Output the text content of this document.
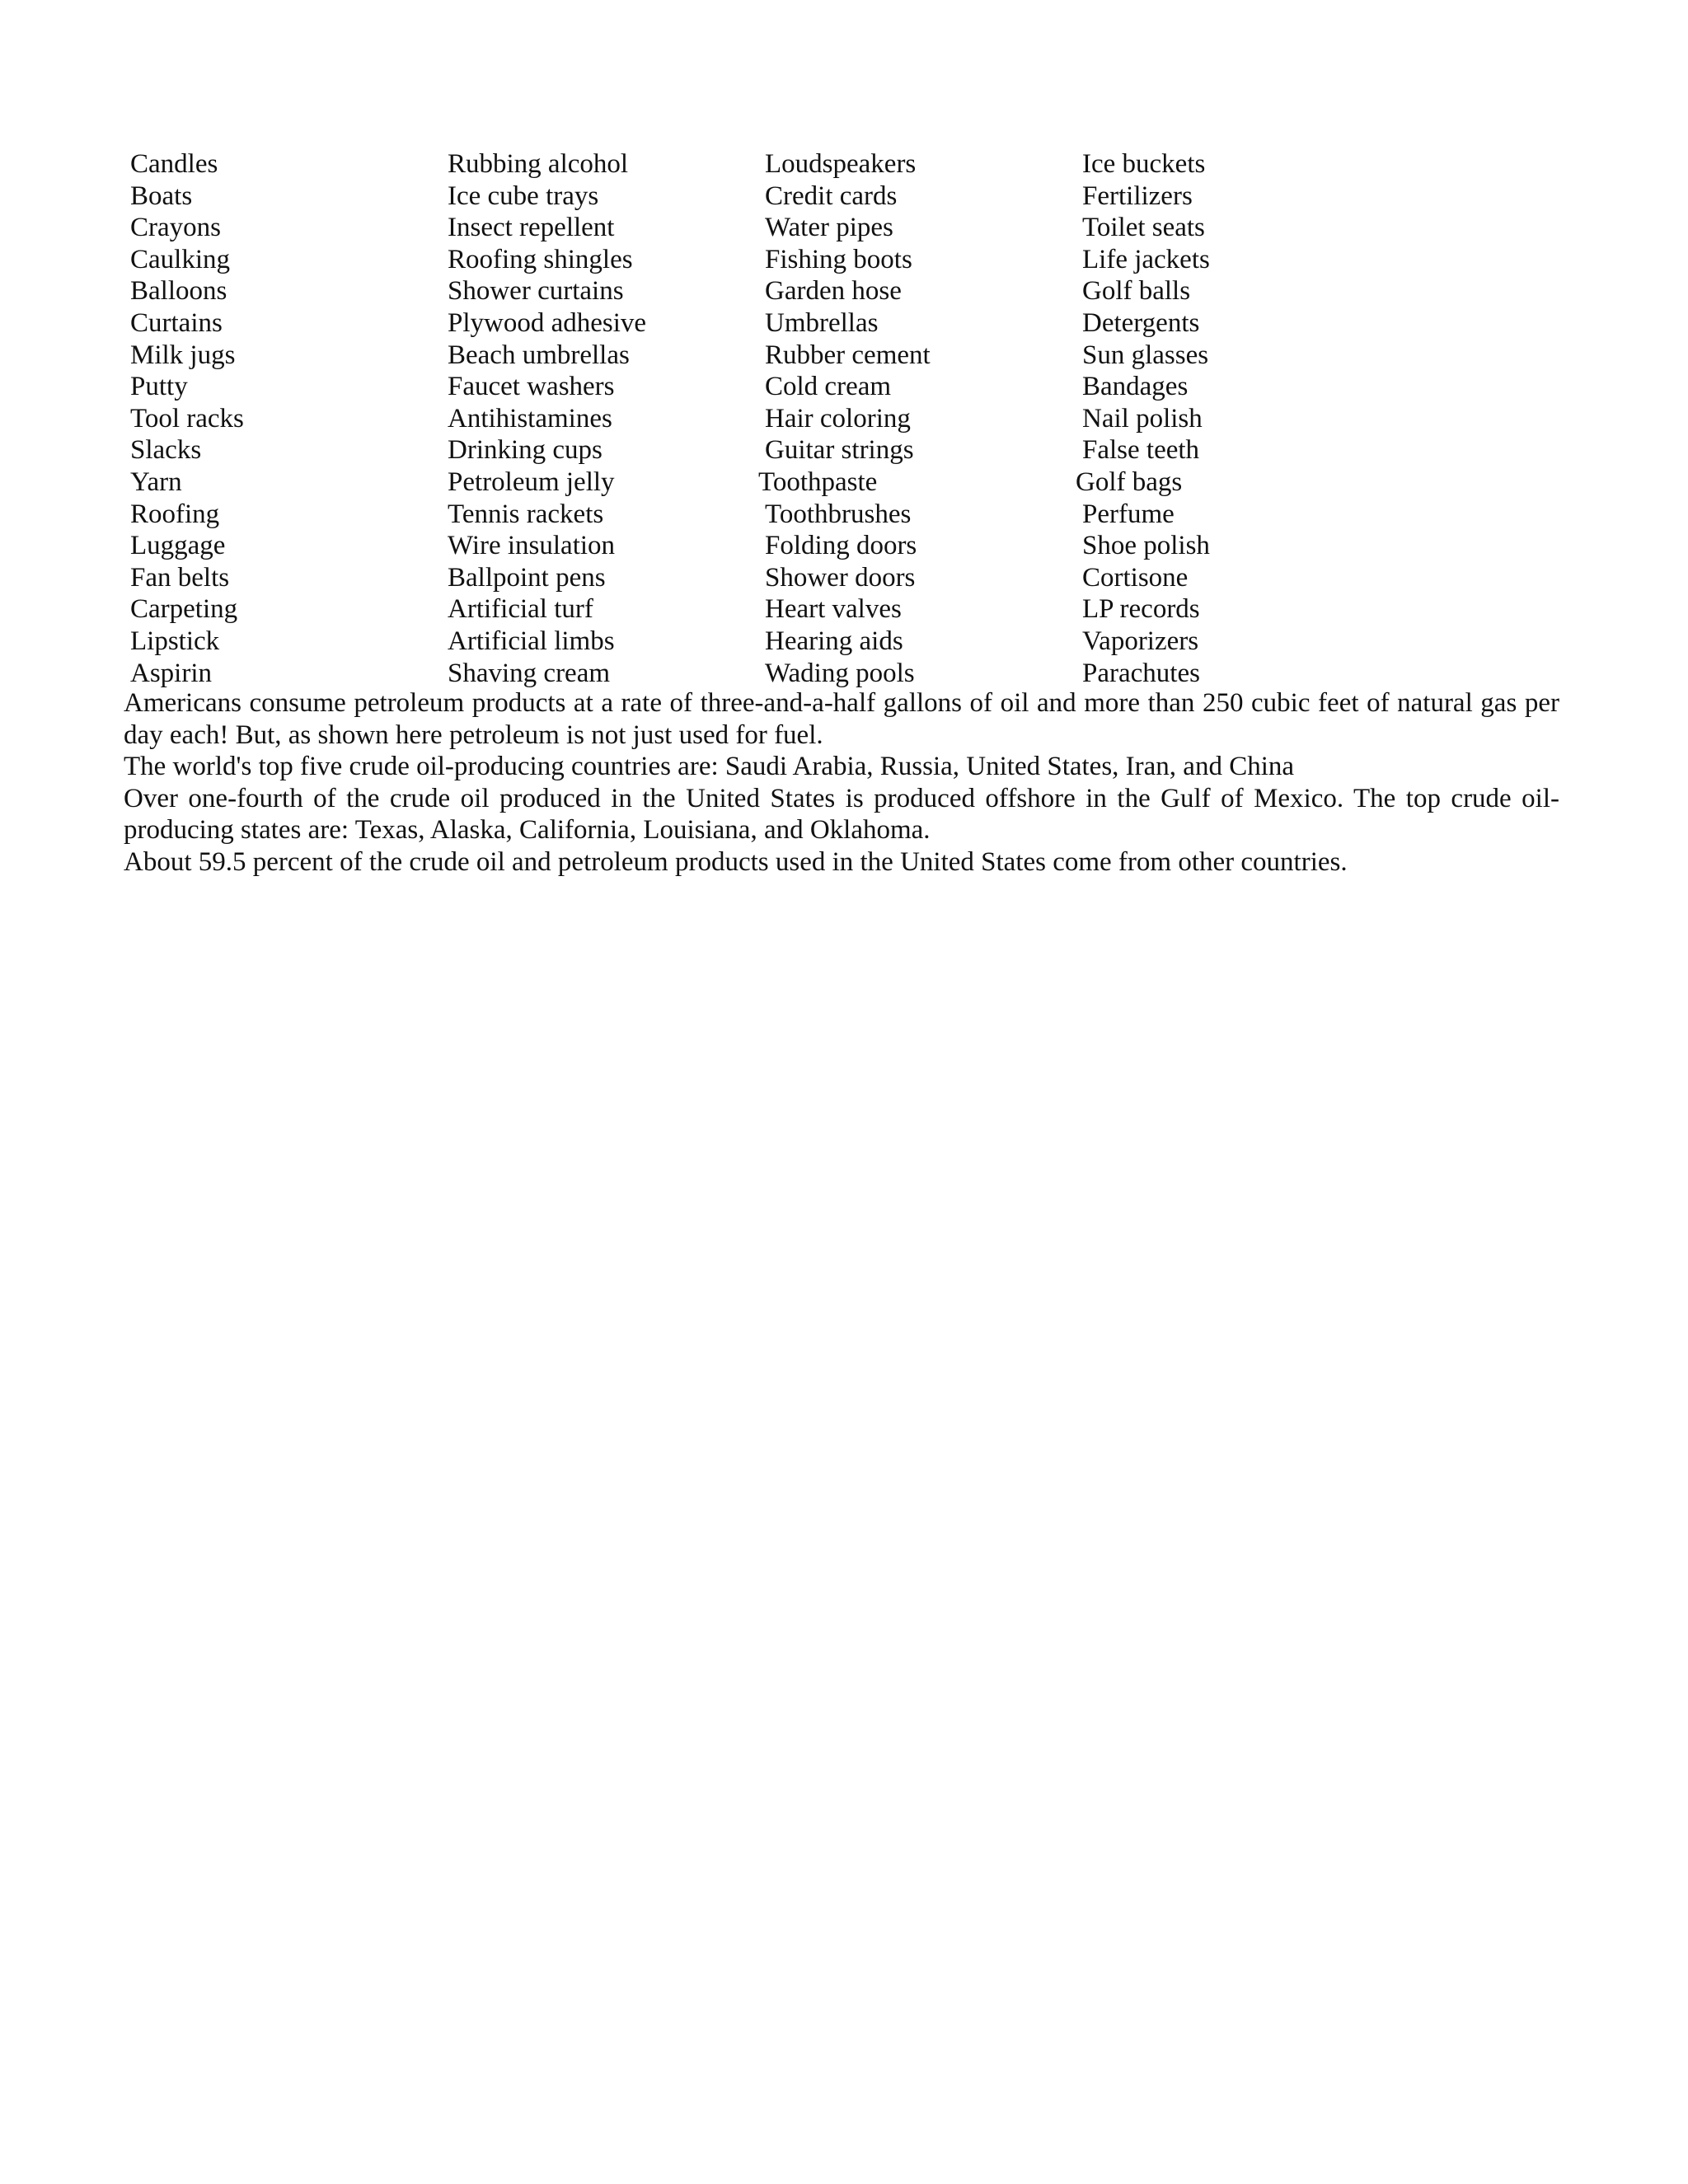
Candles	Rubbing alcohol	Loudspeakers	Ice buckets
Boats	Ice cube trays	Credit cards	Fertilizers
Crayons	Insect repellent	Water pipes	Toilet seats
Caulking	Roofing shingles	Fishing boots	Life jackets
Balloons	Shower curtains	Garden hose	Golf balls
Curtains	Plywood adhesive	Umbrellas	Detergents
Milk jugs	Beach umbrellas	Rubber cement	Sun glasses
Putty	Faucet washers	Cold cream	Bandages
Tool racks	Antihistamines	Hair coloring	Nail polish
Slacks	Drinking cups	Guitar strings	False teeth
Yarn	Petroleum jelly	Toothpaste	Golf bags
Roofing	Tennis rackets	Toothbrushes	Perfume
Luggage	Wire insulation	Folding doors	Shoe polish
Fan belts	Ballpoint pens	Shower doors	Cortisone
Carpeting	Artificial turf	Heart valves	LP records
Lipstick	Artificial limbs	Hearing aids	Vaporizers
Aspirin	Shaving cream	Wading pools	Parachutes

Americans consume petroleum products at a rate of three-and-a-half gallons of oil and more than 250 cubic feet of natural gas per day each! But, as shown here petroleum is not just used for fuel.

The world's top five crude oil-producing countries are: Saudi Arabia, Russia, United States, Iran, and China

Over one-fourth of the crude oil produced in the United States is produced offshore in the Gulf of Mexico. The top crude oil-producing states are: Texas, Alaska, California, Louisiana, and Oklahoma.

About 59.5 percent of the crude oil and petroleum products used in the United States come from other countries.
